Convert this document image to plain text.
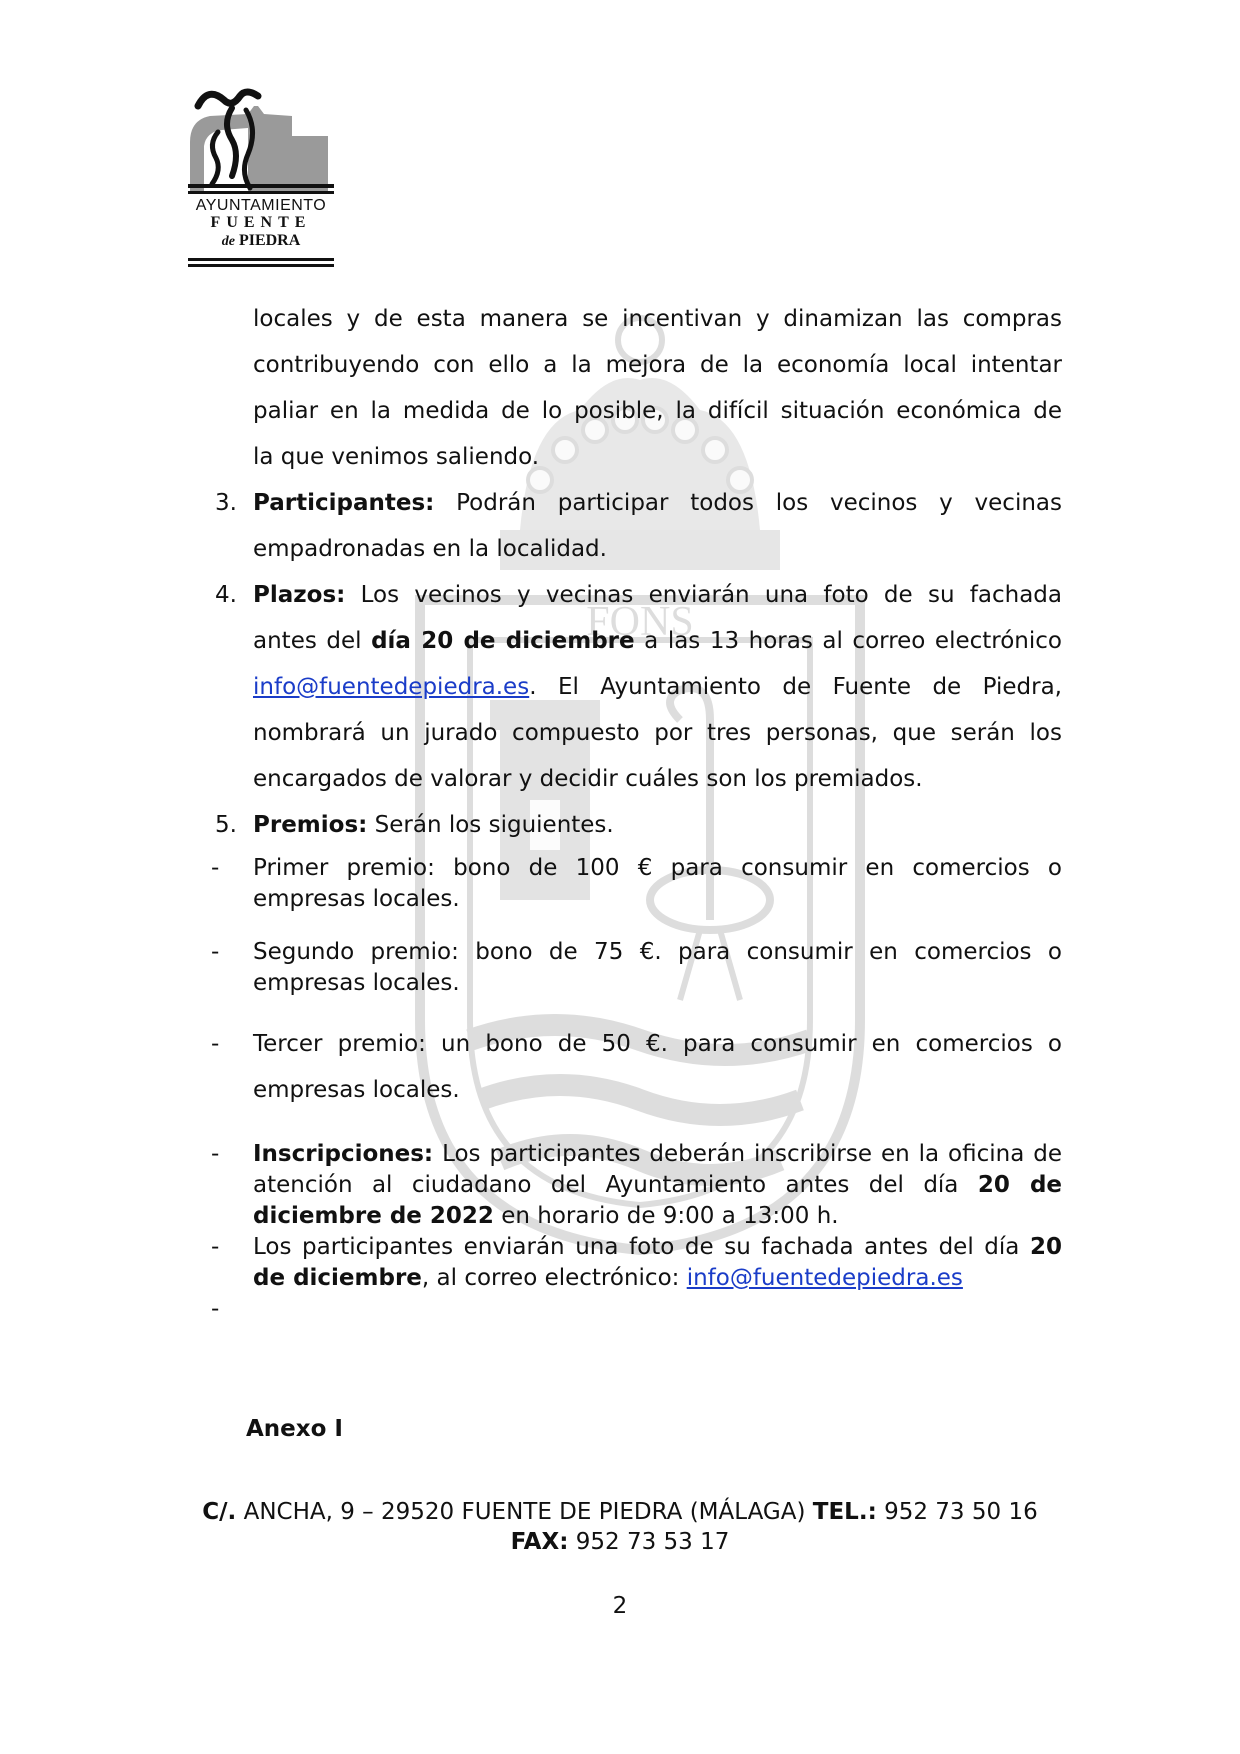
AYUNTAMIENTO
FUENTE
de PIEDRA
FONS
locales y de esta manera se incentivan y dinamizan las compras
contribuyendo con ello a la mejora de la economía local intentar
paliar en la medida de lo posible, la difícil situación económica de
la que venimos saliendo.
3. Participantes: Podrán participar todos los vecinos y vecinas
empadronadas en la localidad.
4. Plazos: Los vecinos y vecinas enviarán una foto de su fachada
antes del día 20 de diciembre a las 13 horas al correo electrónico
info@fuentedepiedra.es. El Ayuntamiento de Fuente de Piedra,
nombrará un jurado compuesto por tres personas, que serán los
encargados de valorar y decidir cuáles son los premiados.
5. Premios: Serán los siguientes.
-	Primer premio: bono de 100 € para consumir en comercios o
empresas locales.
-	Segundo premio: bono de 75 €. para consumir en comercios o
empresas locales.
-	Tercer premio: un bono de 50 €. para consumir en comercios o
empresas locales.
-	Inscripciones: Los participantes deberán inscribirse en la oficina de
atención al ciudadano del Ayuntamiento antes del día 20 de
diciembre de 2022 en horario de 9:00 a 13:00 h.
-	Los participantes enviarán una foto de su fachada antes del día 20
de diciembre, al correo electrónico: info@fuentedepiedra.es
-

Anexo I
C/. ANCHA, 9 – 29520 FUENTE DE PIEDRA (MÁLAGA) TEL.: 952 73 50 16
FAX: 952 73 53 17
2
